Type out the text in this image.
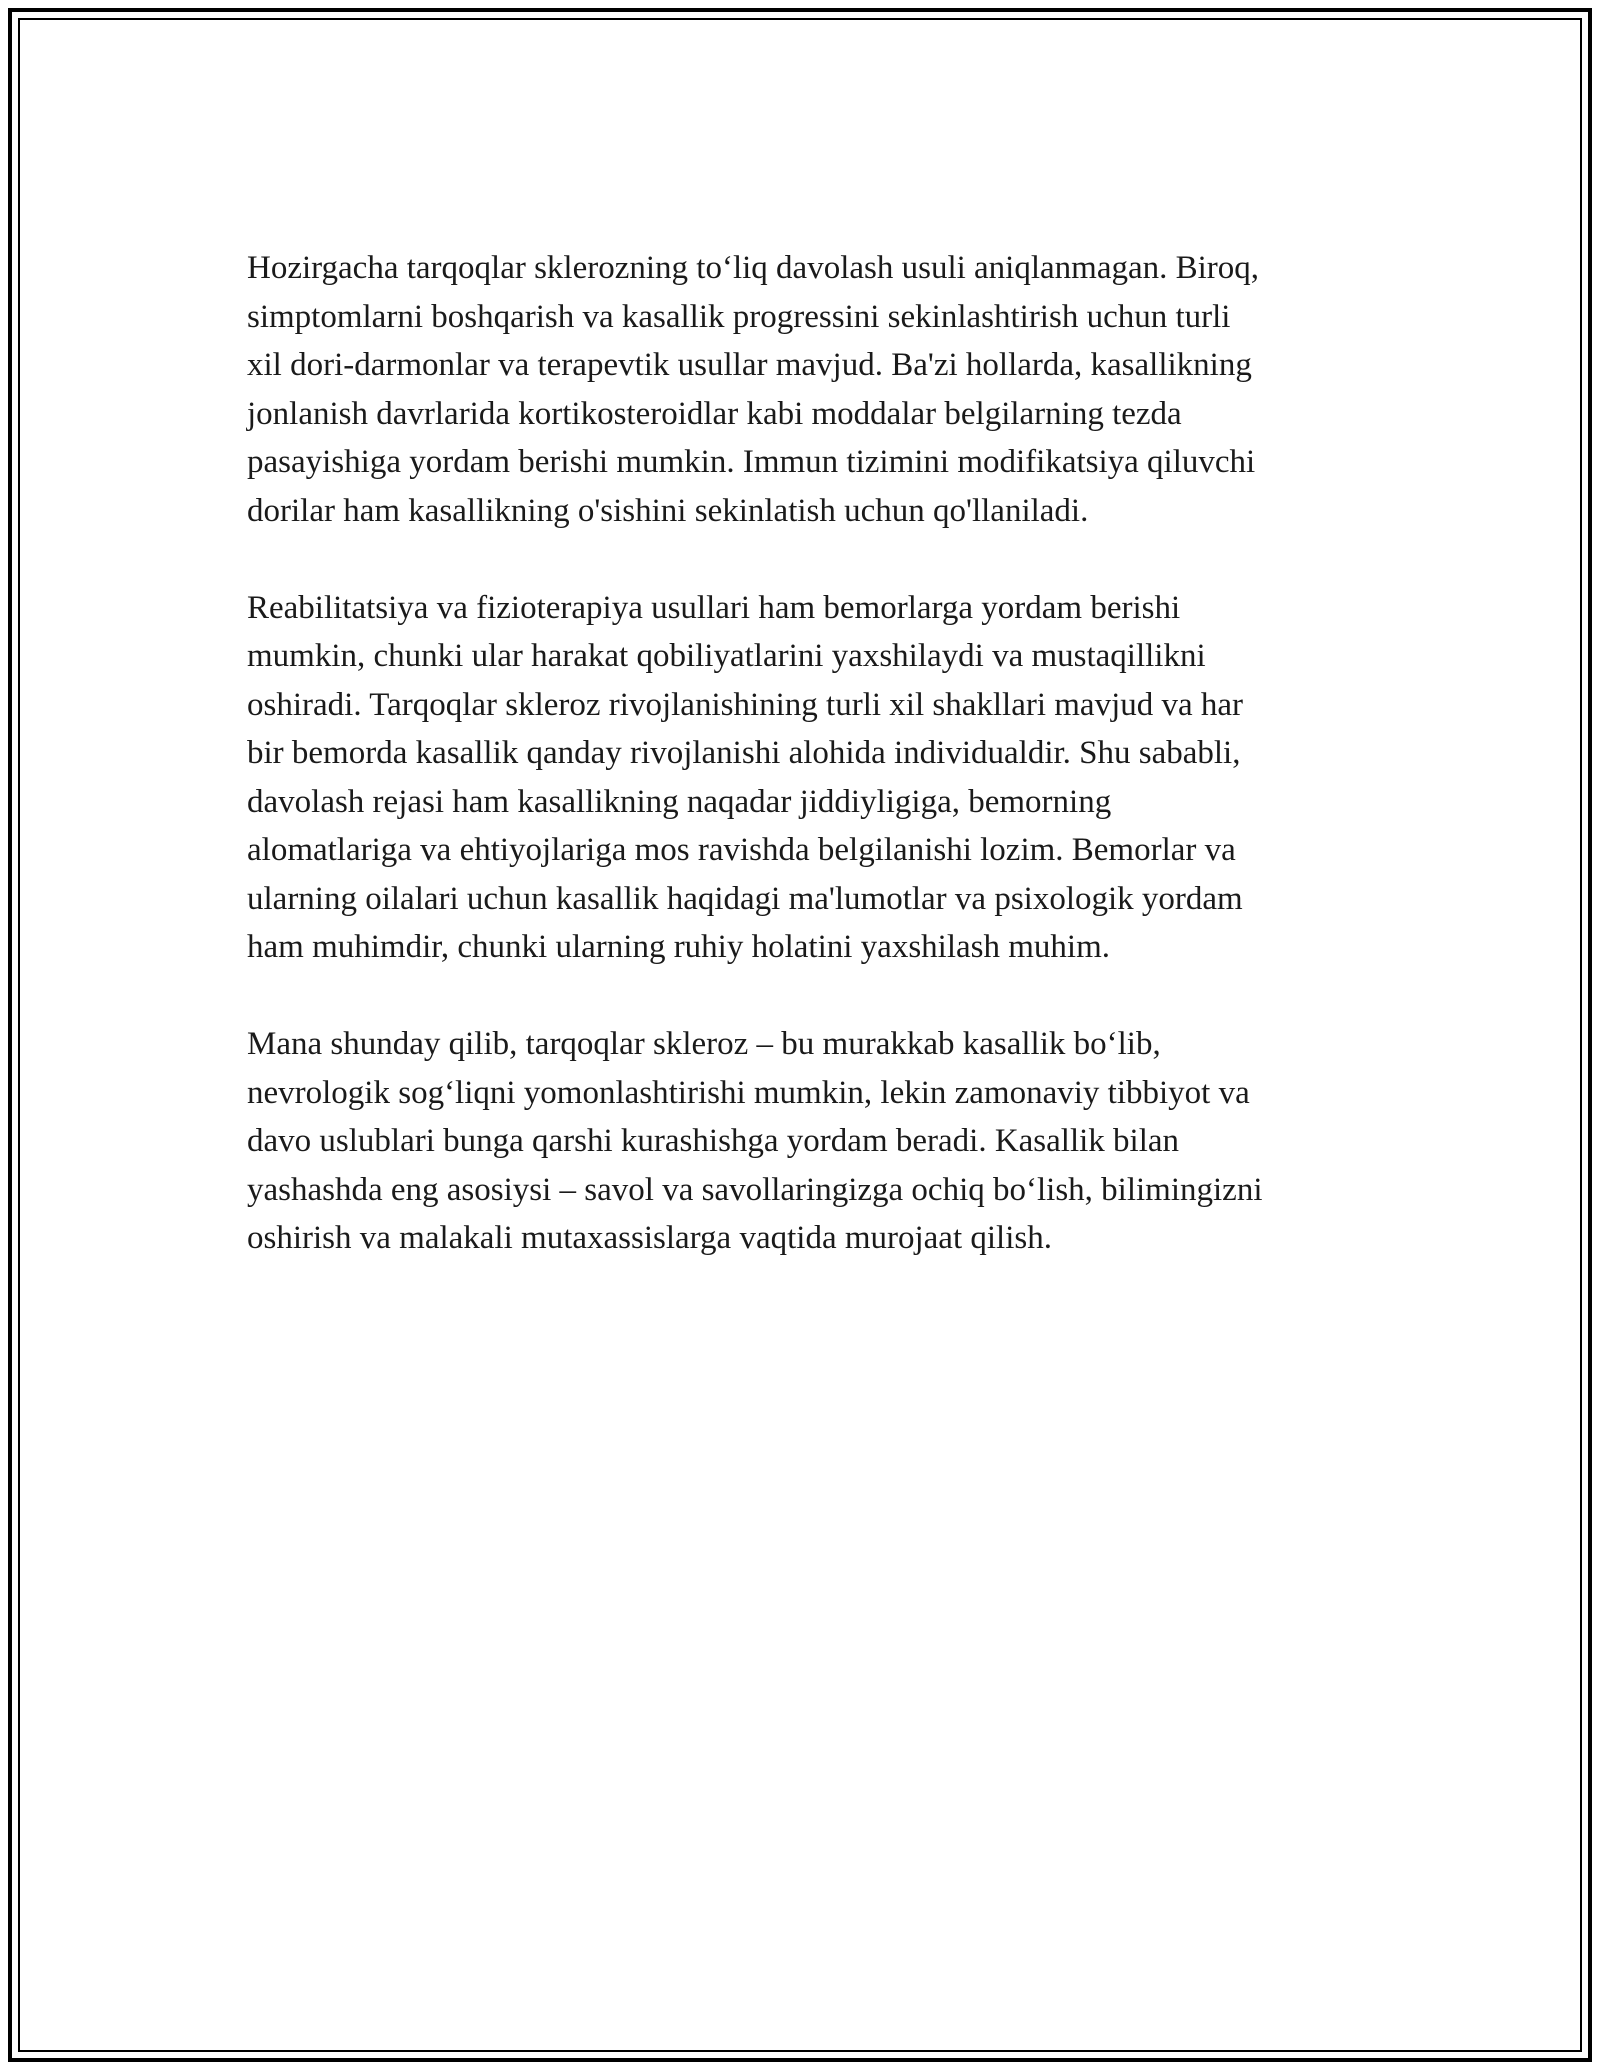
Hozirgacha tarqoqlar sklerozning to‘liq davolash usuli aniqlanmagan. Biroq,
simptomlarni boshqarish va kasallik progressini sekinlashtirish uchun turli
xil dori-darmonlar va terapevtik usullar mavjud. Ba'zi hollarda, kasallikning
jonlanish davrlarida kortikosteroidlar kabi moddalar belgilarning tezda
pasayishiga yordam berishi mumkin. Immun tizimini modifikatsiya qiluvchi
dorilar ham kasallikning o'sishini sekinlatish uchun qo'llaniladi.

Reabilitatsiya va fizioterapiya usullari ham bemorlarga yordam berishi
mumkin, chunki ular harakat qobiliyatlarini yaxshilaydi va mustaqillikni
oshiradi. Tarqoqlar skleroz rivojlanishining turli xil shakllari mavjud va har
bir bemorda kasallik qanday rivojlanishi alohida individualdir. Shu sababli,
davolash rejasi ham kasallikning naqadar jiddiyligiga, bemorning
alomatlariga va ehtiyojlariga mos ravishda belgilanishi lozim. Bemorlar va
ularning oilalari uchun kasallik haqidagi ma'lumotlar va psixologik yordam
ham muhimdir, chunki ularning ruhiy holatini yaxshilash muhim.

Mana shunday qilib, tarqoqlar skleroz – bu murakkab kasallik bo‘lib,
nevrologik sog‘liqni yomonlashtirishi mumkin, lekin zamonaviy tibbiyot va
davo uslublari bunga qarshi kurashishga yordam beradi. Kasallik bilan
yashashda eng asosiysi – savol va savollaringizga ochiq bo‘lish, bilimingizni
oshirish va malakali mutaxassislarga vaqtida murojaat qilish.
